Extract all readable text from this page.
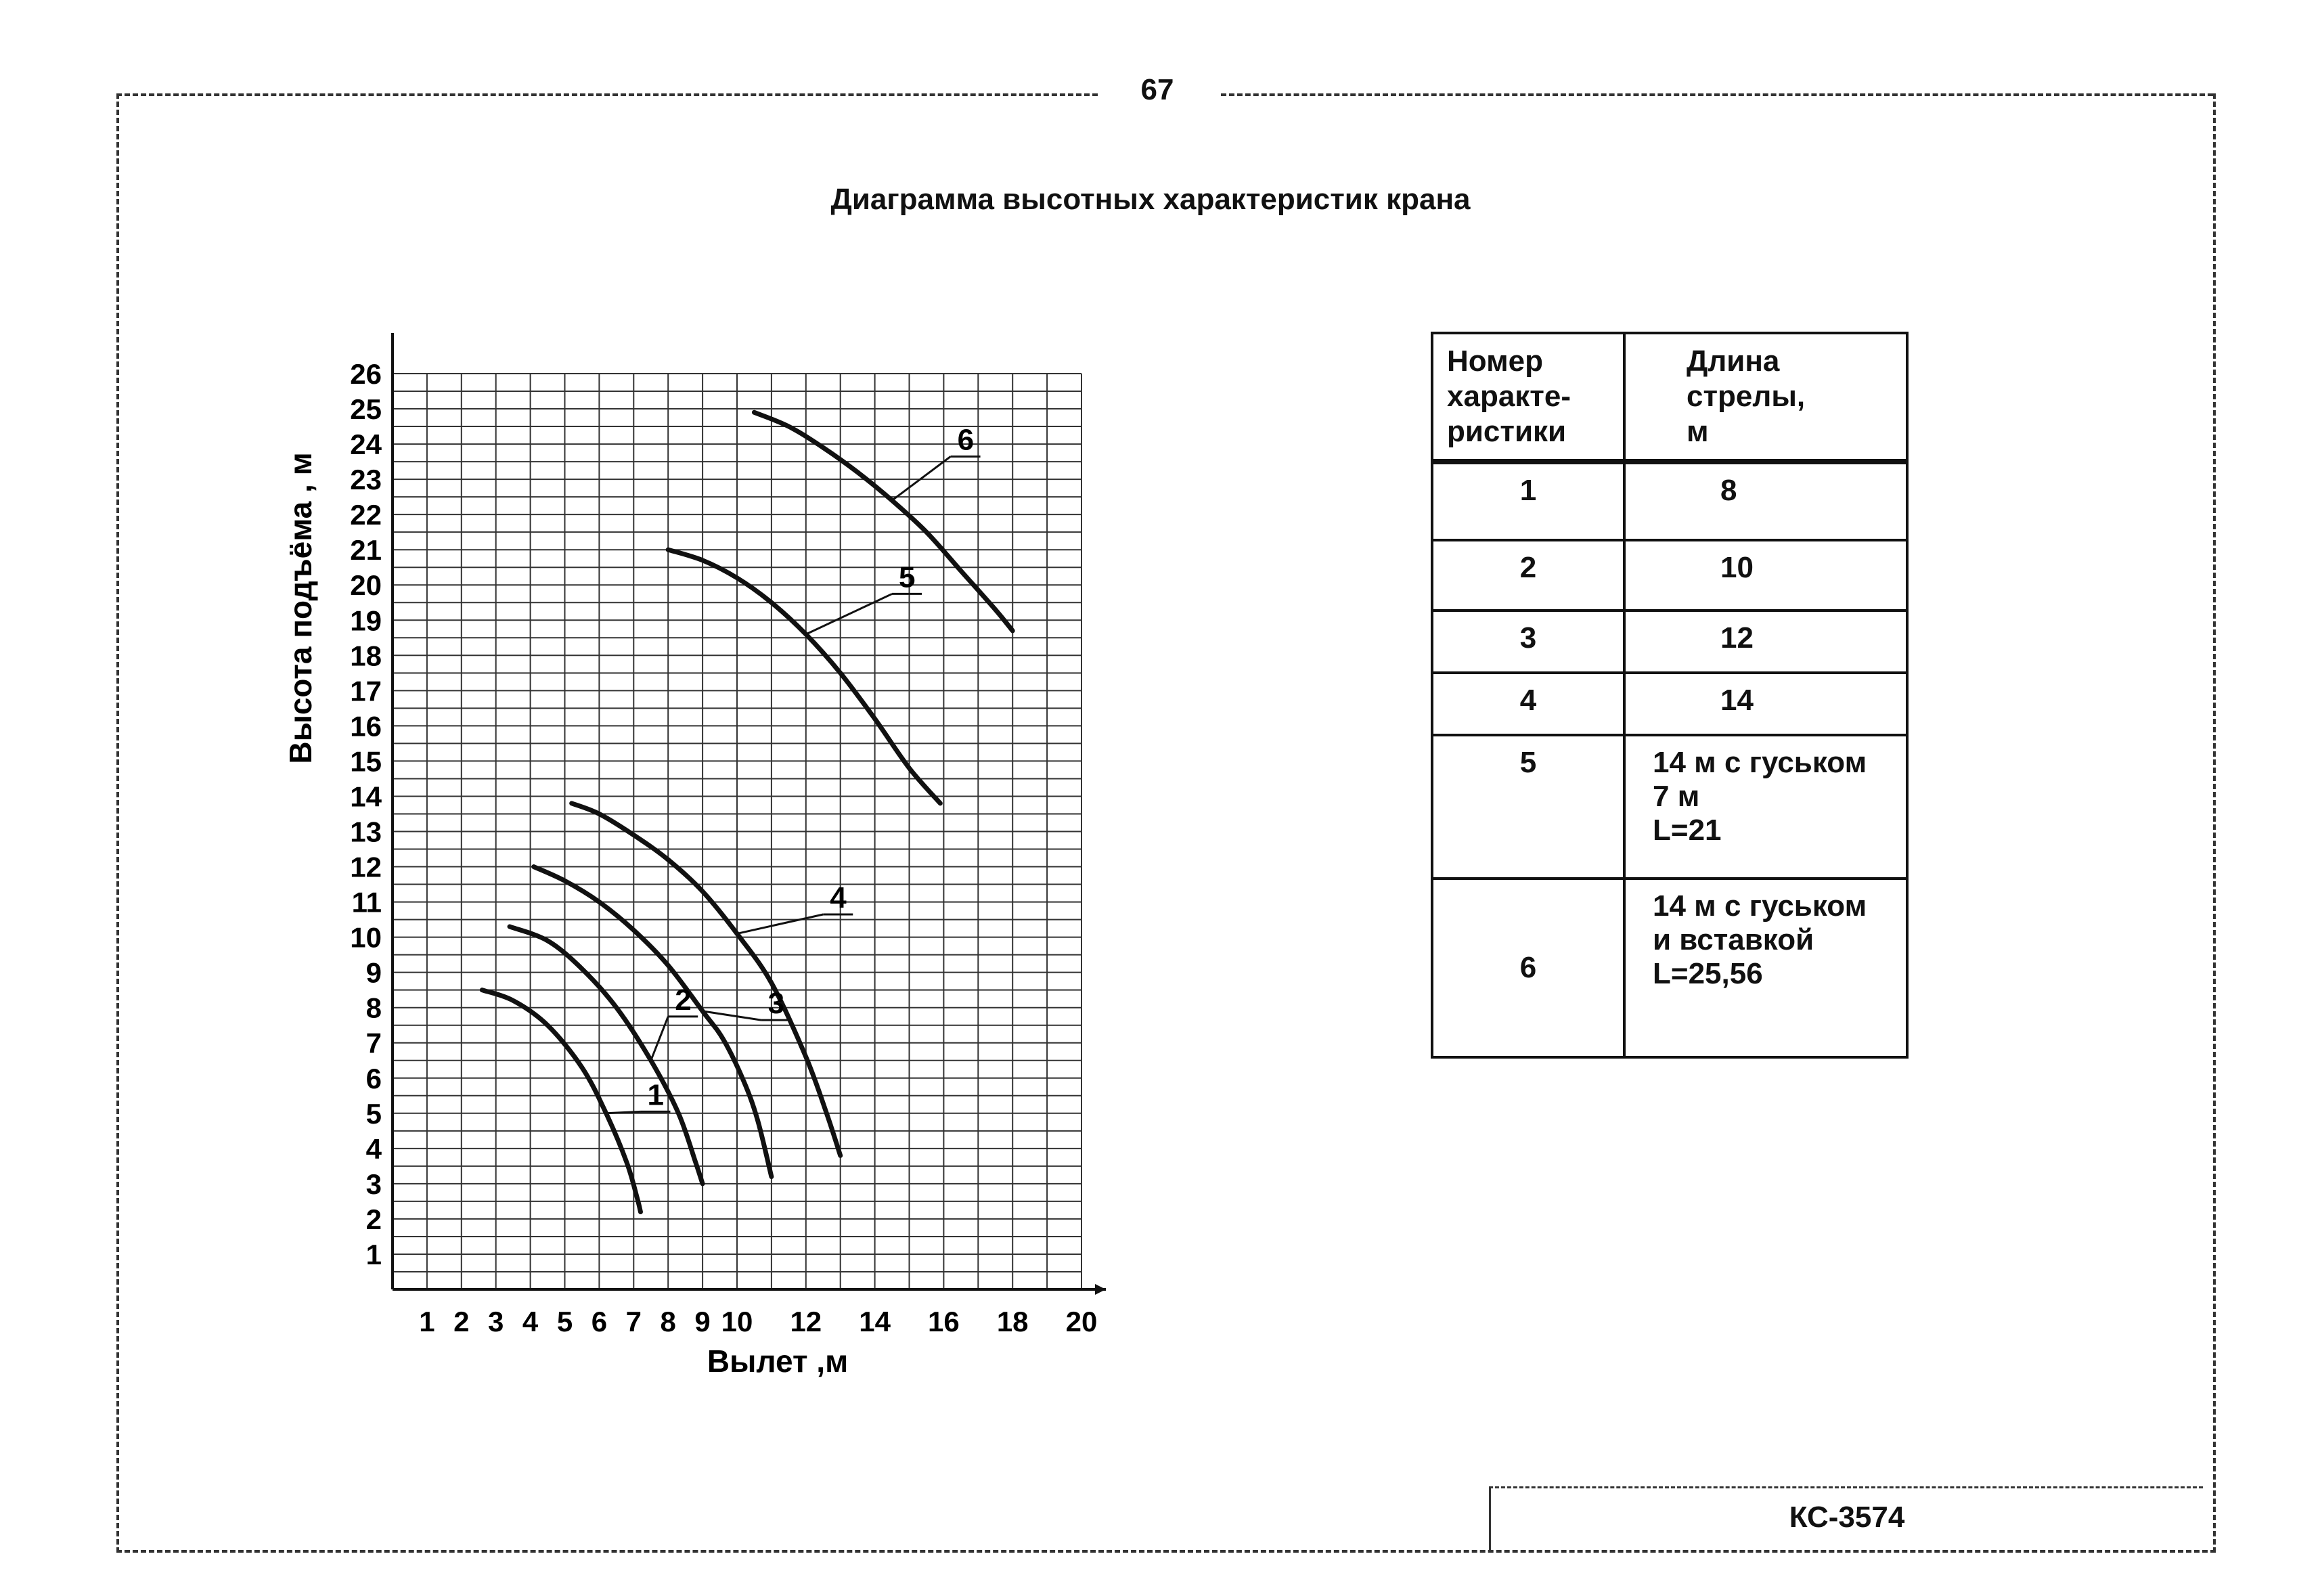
67
Диаграмма высотных характеристик крана
1
2
3
4
5
6
7
8
9
10
11
12
13
14
15
16
17
18
19
20
21
22
23
24
25
26
1 2 3 4 5 6 7 8 9 10 12 14 16 18 20
Вылет ,м
Высота подъёма , м
1
2	3
4
5
6
Номер
характе-
ристики	Длина
стрелы,
м
1	8
2	10
3	12
4	14
5	14 м с гуськом
7 м
L=21
6	14 м с гуськом
и вставкой
L=25,56
КС-3574
